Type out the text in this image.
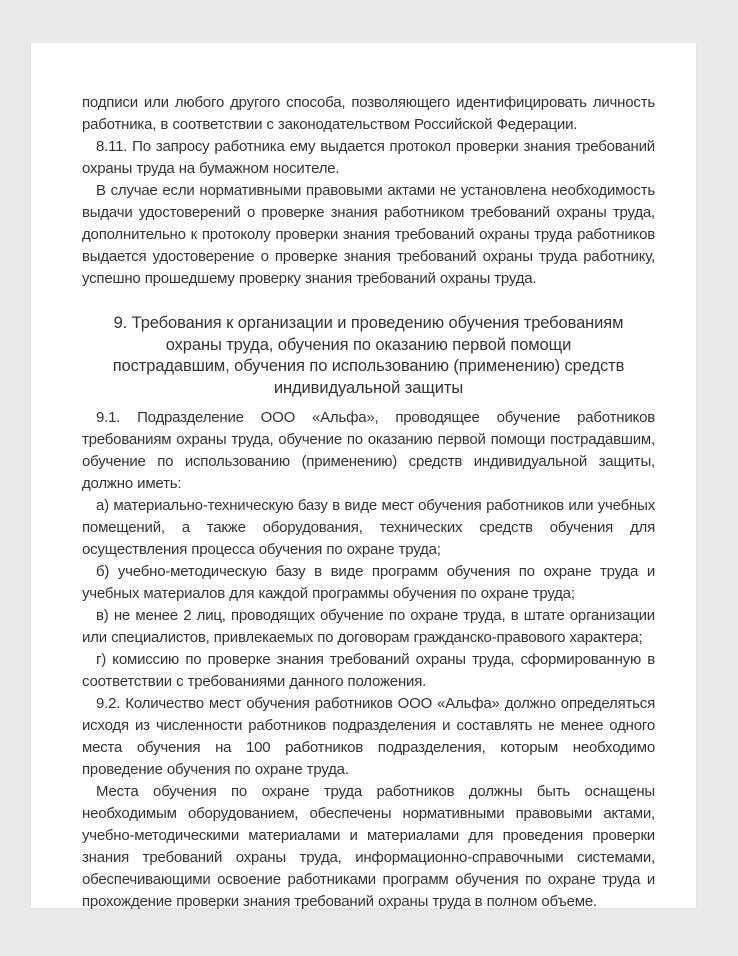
подписи или любого другого способа, позволяющего идентифицировать личность работника, в соответствии с законодательством Российской Федерации.

8.11. По запросу работника ему выдается протокол проверки знания требований охраны труда на бумажном носителе.

В случае если нормативными правовыми актами не установлена необходимость выдачи удостоверений о проверке знания работником требований охраны труда, дополнительно к протоколу проверки знания требований охраны труда работников выдается удостоверение о проверке знания требований охраны труда работнику, успешно прошедшему проверку знания требований охраны труда.

9. Требования к организации и проведению обучения требованиям охраны труда, обучения по оказанию первой помощи пострадавшим, обучения по использованию (применению) средств индивидуальной защиты

9.1. Подразделение ООО «Альфа», проводящее обучение работников требованиям охраны труда, обучение по оказанию первой помощи пострадавшим, обучение по использованию (применению) средств индивидуальной защиты, должно иметь:

а) материально-техническую базу в виде мест обучения работников или учебных помещений, а также оборудования, технических средств обучения для осуществления процесса обучения по охране труда;

б) учебно-методическую базу в виде программ обучения по охране труда и учебных материалов для каждой программы обучения по охране труда;

в) не менее 2 лиц, проводящих обучение по охране труда, в штате организации или специалистов, привлекаемых по договорам гражданско-правового характера;

г) комиссию по проверке знания требований охраны труда, сформированную в соответствии с требованиями данного положения.

9.2. Количество мест обучения работников ООО «Альфа» должно определяться исходя из численности работников подразделения и составлять не менее одного места обучения на 100 работников подразделения, которым необходимо проведение обучения по охране труда.

Места обучения по охране труда работников должны быть оснащены необходимым оборудованием, обеспечены нормативными правовыми актами, учебно-методическими материалами и материалами для проведения проверки знания требований охраны труда, информационно-справочными системами, обеспечивающими освоение работниками программ обучения по охране труда и прохождение проверки знания требований охраны труда в полном объеме.
